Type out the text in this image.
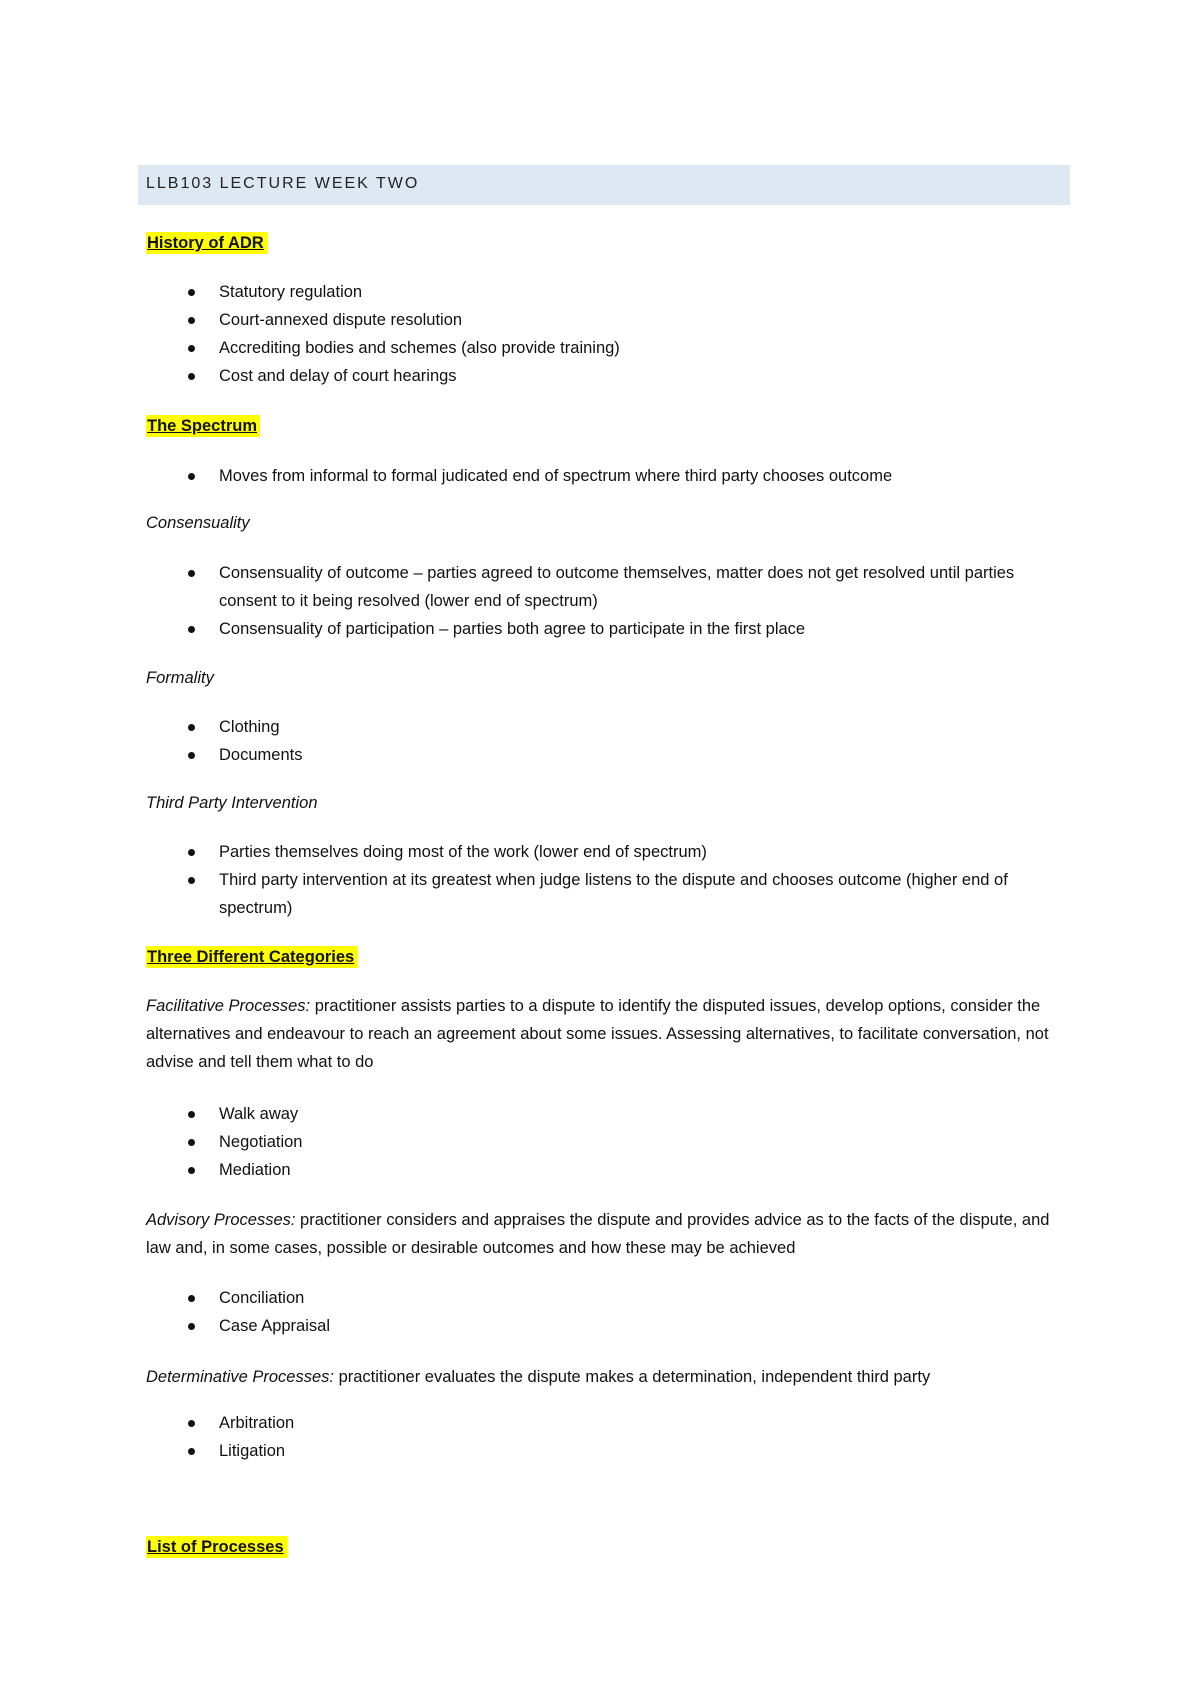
LLB103 LECTURE WEEK TWO
History of ADR
Statutory regulation
Court-annexed dispute resolution
Accrediting bodies and schemes (also provide training)
Cost and delay of court hearings
The Spectrum
Moves from informal to formal judicated end of spectrum where third party chooses outcome
Consensuality
Consensuality of outcome – parties agreed to outcome themselves, matter does not get resolved until parties consent to it being resolved (lower end of spectrum)
Consensuality of participation – parties both agree to participate in the first place
Formality
Clothing
Documents
Third Party Intervention
Parties themselves doing most of the work (lower end of spectrum)
Third party intervention at its greatest when judge listens to the dispute and chooses outcome (higher end of spectrum)
Three Different Categories
Facilitative Processes: practitioner assists parties to a dispute to identify the disputed issues, develop options, consider the alternatives and endeavour to reach an agreement about some issues. Assessing alternatives, to facilitate conversation, not advise and tell them what to do
Walk away
Negotiation
Mediation
Advisory Processes: practitioner considers and appraises the dispute and provides advice as to the facts of the dispute, and law and, in some cases, possible or desirable outcomes and how these may be achieved
Conciliation
Case Appraisal
Determinative Processes: practitioner evaluates the dispute makes a determination, independent third party
Arbitration
Litigation
List of Processes
